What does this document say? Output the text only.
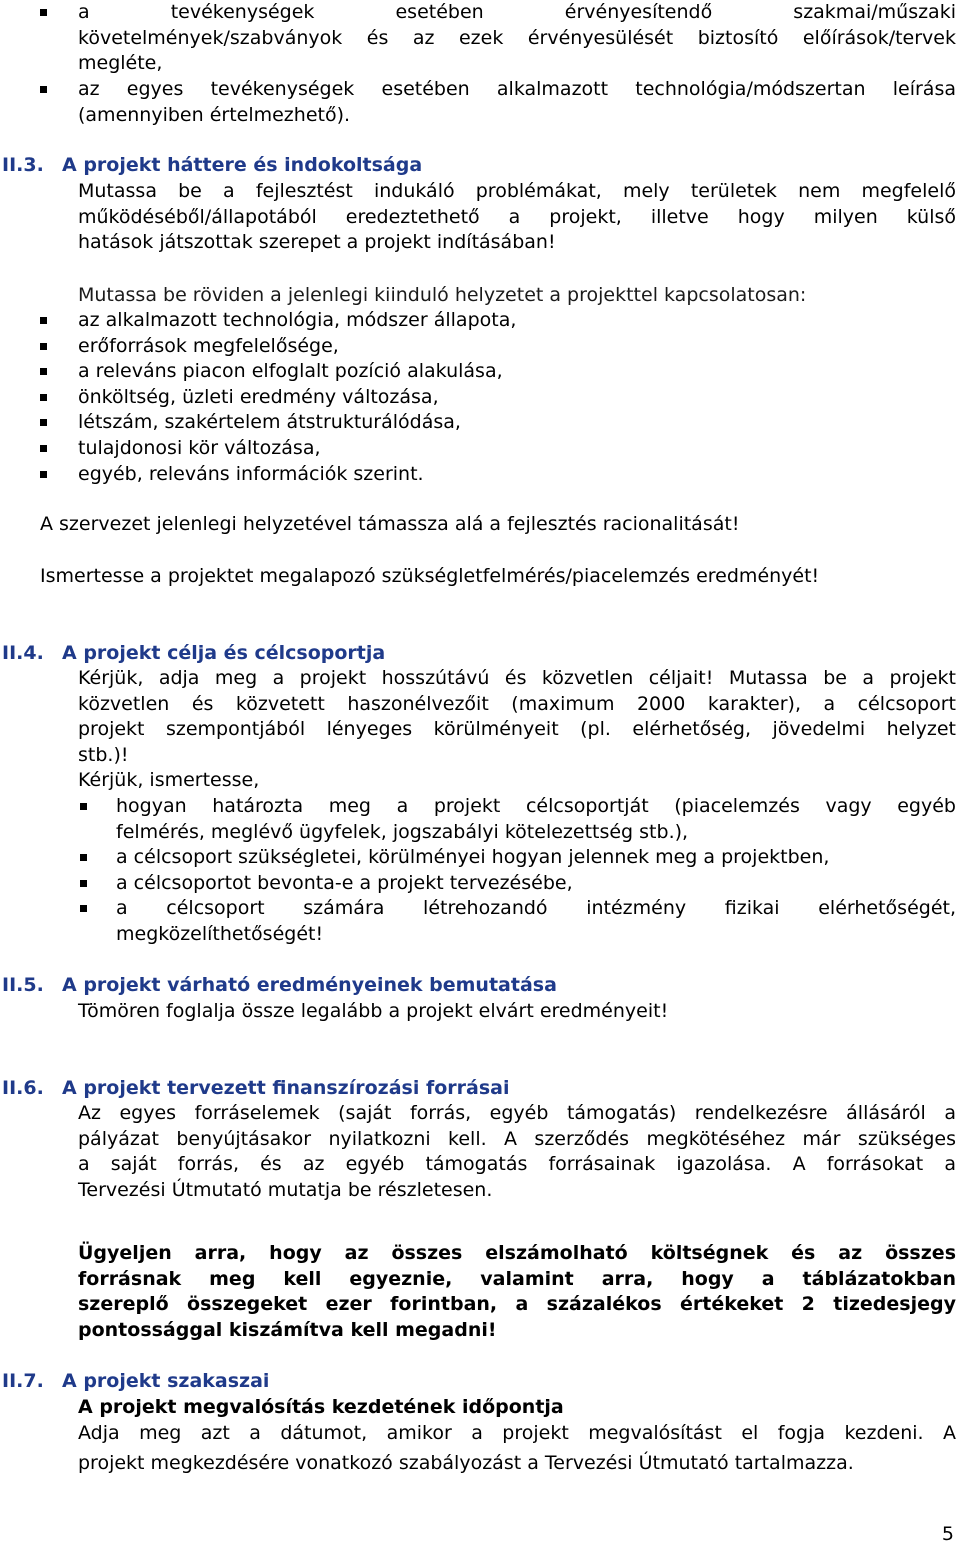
a tevékenységek esetében érvényesítendő szakmai/műszaki
követelmények/szabványok és az ezek érvényesülését biztosító előírások/tervek
megléte,
az egyes tevékenységek esetében alkalmazott technológia/módszertan leírása
(amennyiben értelmezhető).
II.3. A projekt háttere és indokoltsága
Mutassa be a fejlesztést indukáló problémákat, mely területek nem megfelelő
működéséből/állapotából eredeztethető a projekt, illetve hogy milyen külső
hatások játszottak szerepet a projekt indításában!
Mutassa be röviden a jelenlegi kiinduló helyzetet a projekttel kapcsolatosan:
az alkalmazott technológia, módszer állapota,
erőforrások megfelelősége,
a releváns piacon elfoglalt pozíció alakulása,
önköltség, üzleti eredmény változása,
létszám, szakértelem átstrukturálódása,
tulajdonosi kör változása,
egyéb, releváns információk szerint.
A szervezet jelenlegi helyzetével támassza alá a fejlesztés racionalitását!
Ismertesse a projektet megalapozó szükségletfelmérés/piacelemzés eredményét!
II.4. A projekt célja és célcsoportja
Kérjük, adja meg a projekt hosszútávú és közvetlen céljait! Mutassa be a projekt
közvetlen és közvetett haszonélvezőit (maximum 2000 karakter), a célcsoport
projekt szempontjából lényeges körülményeit (pl. elérhetőség, jövedelmi helyzet
stb.)!
Kérjük, ismertesse,
hogyan határozta meg a projekt célcsoportját (piacelemzés vagy egyéb
felmérés, meglévő ügyfelek, jogszabályi kötelezettség stb.),
a célcsoport szükségletei, körülményei hogyan jelennek meg a projektben,
a célcsoportot bevonta-e a projekt tervezésébe,
a célcsoport számára létrehozandó intézmény fizikai elérhetőségét,
megközelíthetőségét!
II.5. A projekt várható eredményeinek bemutatása
Tömören foglalja össze legalább a projekt elvárt eredményeit!
II.6. A projekt tervezett finanszírozási forrásai
Az egyes forráselemek (saját forrás, egyéb támogatás) rendelkezésre állásáról a
pályázat benyújtásakor nyilatkozni kell. A szerződés megkötéséhez már szükséges
a saját forrás, és az egyéb támogatás forrásainak igazolása. A forrásokat a
Tervezési Útmutató mutatja be részletesen.
Ügyeljen arra, hogy az összes elszámolható költségnek és az összes
forrásnak meg kell egyeznie, valamint arra, hogy a táblázatokban
szereplő összegeket ezer forintban, a százalékos értékeket 2 tizedesjegy
pontossággal kiszámítva kell megadni!
II.7. A projekt szakaszai
A projekt megvalósítás kezdetének időpontja
Adja meg azt a dátumot, amikor a projekt megvalósítást el fogja kezdeni. A
projekt megkezdésére vonatkozó szabályozást a Tervezési Útmutató tartalmazza.
5
